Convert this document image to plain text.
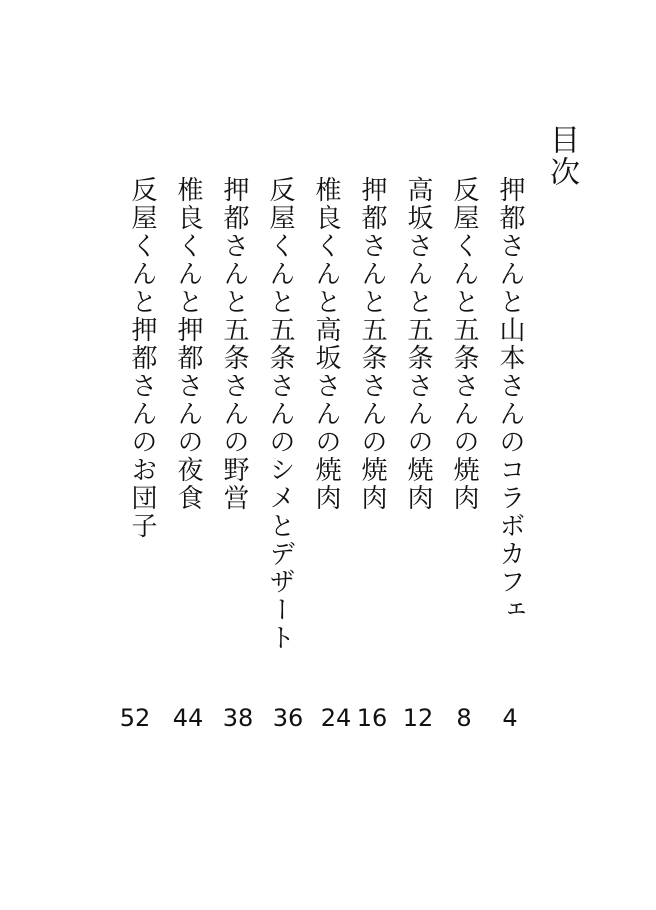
目次
押都さんと山本さんのコラボカフェ
4
反屋くんと五条さんの焼肉
8
高坂さんと五条さんの焼肉
12
押都さんと五条さんの焼肉
16
椎良くんと高坂さんの焼肉
24
反屋くんと五条さんのシメとデザート
36
押都さんと五条さんの野営
38
椎良くんと押都さんの夜食
44
反屋くんと押都さんのお団子
52
